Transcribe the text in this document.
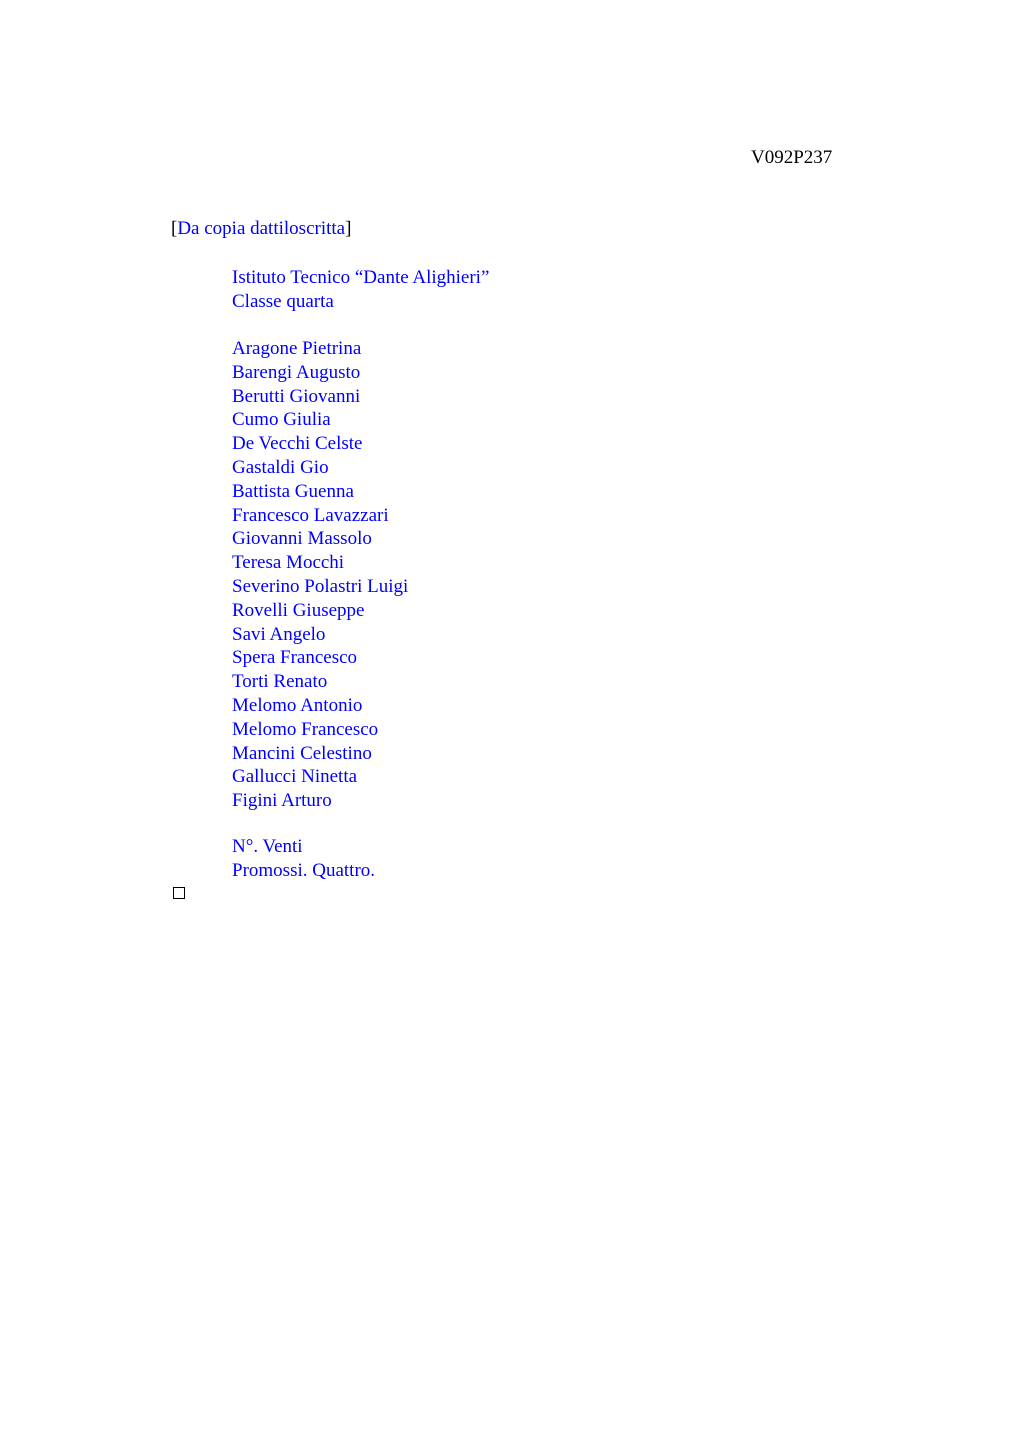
V092P237
[Da copia dattiloscritta]
Istituto Tecnico “Dante Alighieri”
Classe quarta
Aragone Pietrina
Barengi Augusto
Berutti Giovanni
Cumo Giulia
De Vecchi Celste
Gastaldi Gio
Battista Guenna
Francesco Lavazzari
Giovanni Massolo
Teresa Mocchi
Severino Polastri Luigi
Rovelli Giuseppe
Savi Angelo
Spera Francesco
Torti Renato
Melomo Antonio
Melomo Francesco
Mancini Celestino
Gallucci Ninetta
Figini Arturo
N°. Venti
Promossi. Quattro.
